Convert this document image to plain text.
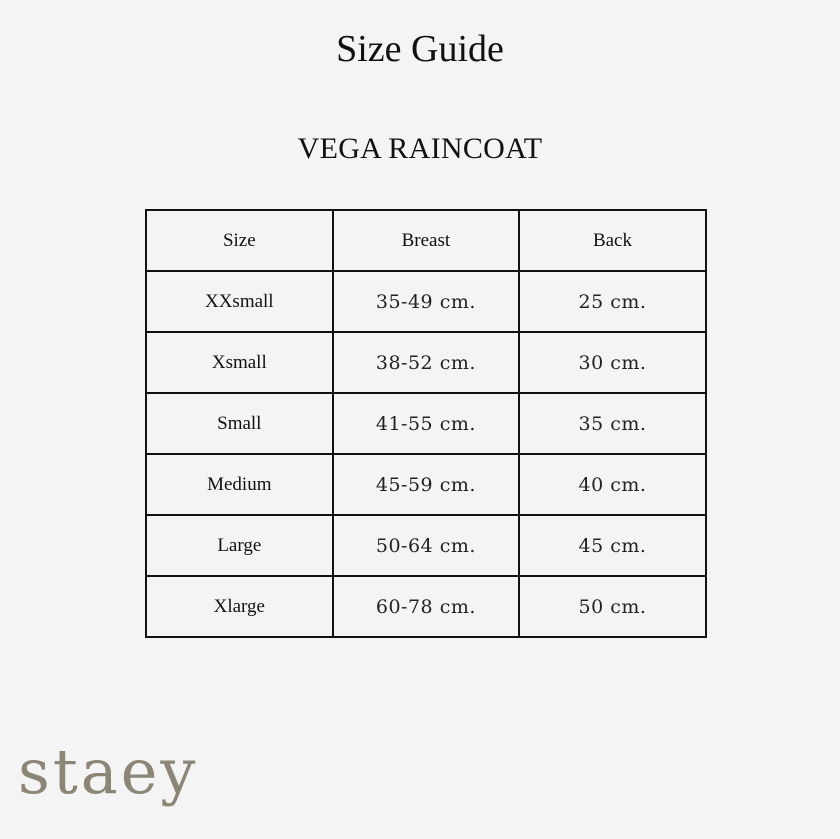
Size Guide
VEGA RAINCOAT
Size	Breast	Back
XXsmall	35-49 cm.	25 cm.
Xsmall	38-52 cm.	30 cm.
Small	41-55 cm.	35 cm.
Medium	45-59 cm.	40 cm.
Large	50-64 cm.	45 cm.
Xlarge	60-78 cm.	50 cm.
staey
